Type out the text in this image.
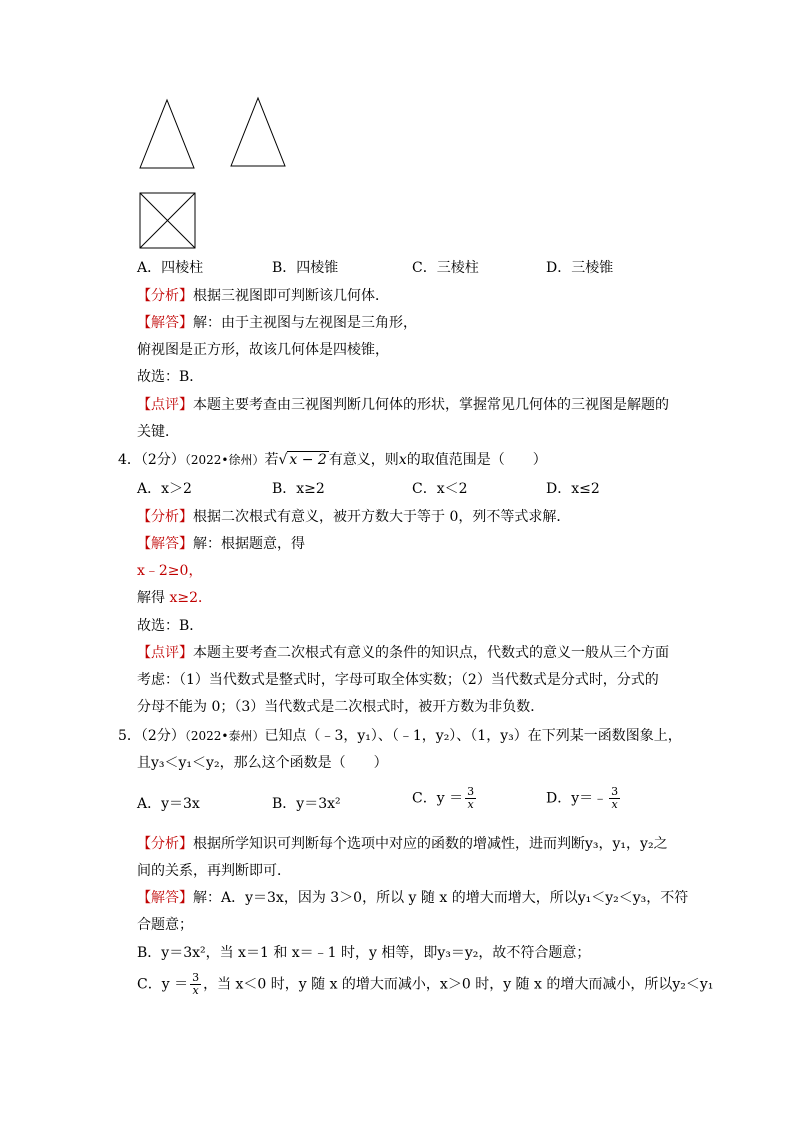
A．四棱柱	B．四棱锥	C．三棱柱	D．三棱锥
【分析】根据三视图即可判断该几何体．
【解答】解：由于主视图与左视图是三角形，
俯视图是正方形，故该几何体是四棱锥，
故选：B．
【点评】本题主要考查由三视图判断几何体的形状，掌握常见几何体的三视图是解题的
关键．
4．（2分）（2022•徐州）若√ x − 2 有意义，则x的取值范围是（　　）
A．x＞2	B．x≥2	C．x＜2	D．x≤2
【分析】根据二次根式有意义，被开方数大于等于 0，列不等式求解．
【解答】解：根据题意，得
x﹣2≥0，
解得 x≥2．
故选：B．
【点评】本题主要考查二次根式有意义的条件的知识点，代数式的意义一般从三个方面
考虑：（1）当代数式是整式时，字母可取全体实数；（2）当代数式是分式时，分式的
分母不能为 0；（3）当代数式是二次根式时，被开方数为非负数．
5．（2分）（2022•泰州）已知点（﹣3，y₁）、（﹣1，y₂）、（1，y₃）在下列某一函数图象上，
且y₃＜y₁＜y₂，那么这个函数是（　　）
A．y＝3x	B．y＝3x²	C．$y = \frac{3}{x}$	D．y＝﹣ $\frac{3}{x}$
【分析】根据所学知识可判断每个选项中对应的函数的增减性，进而判断y₃，y₁，y₂之
间的关系，再判断即可．
【解答】解：A．y＝3x，因为 3＞0，所以 y 随 x 的增大而增大，所以y₁＜y₂＜y₃，不符
合题意；
B．y＝3x²，当 x＝1 和 x＝﹣1 时，y 相等，即y₃＝y₂，故不符合题意；
C．$y = \frac{3}{x}$ ，当 x＜0 时，y 随 x 的增大而减小，x＞0 时，y 随 x 的增大而减小，所以y₂＜y₁
